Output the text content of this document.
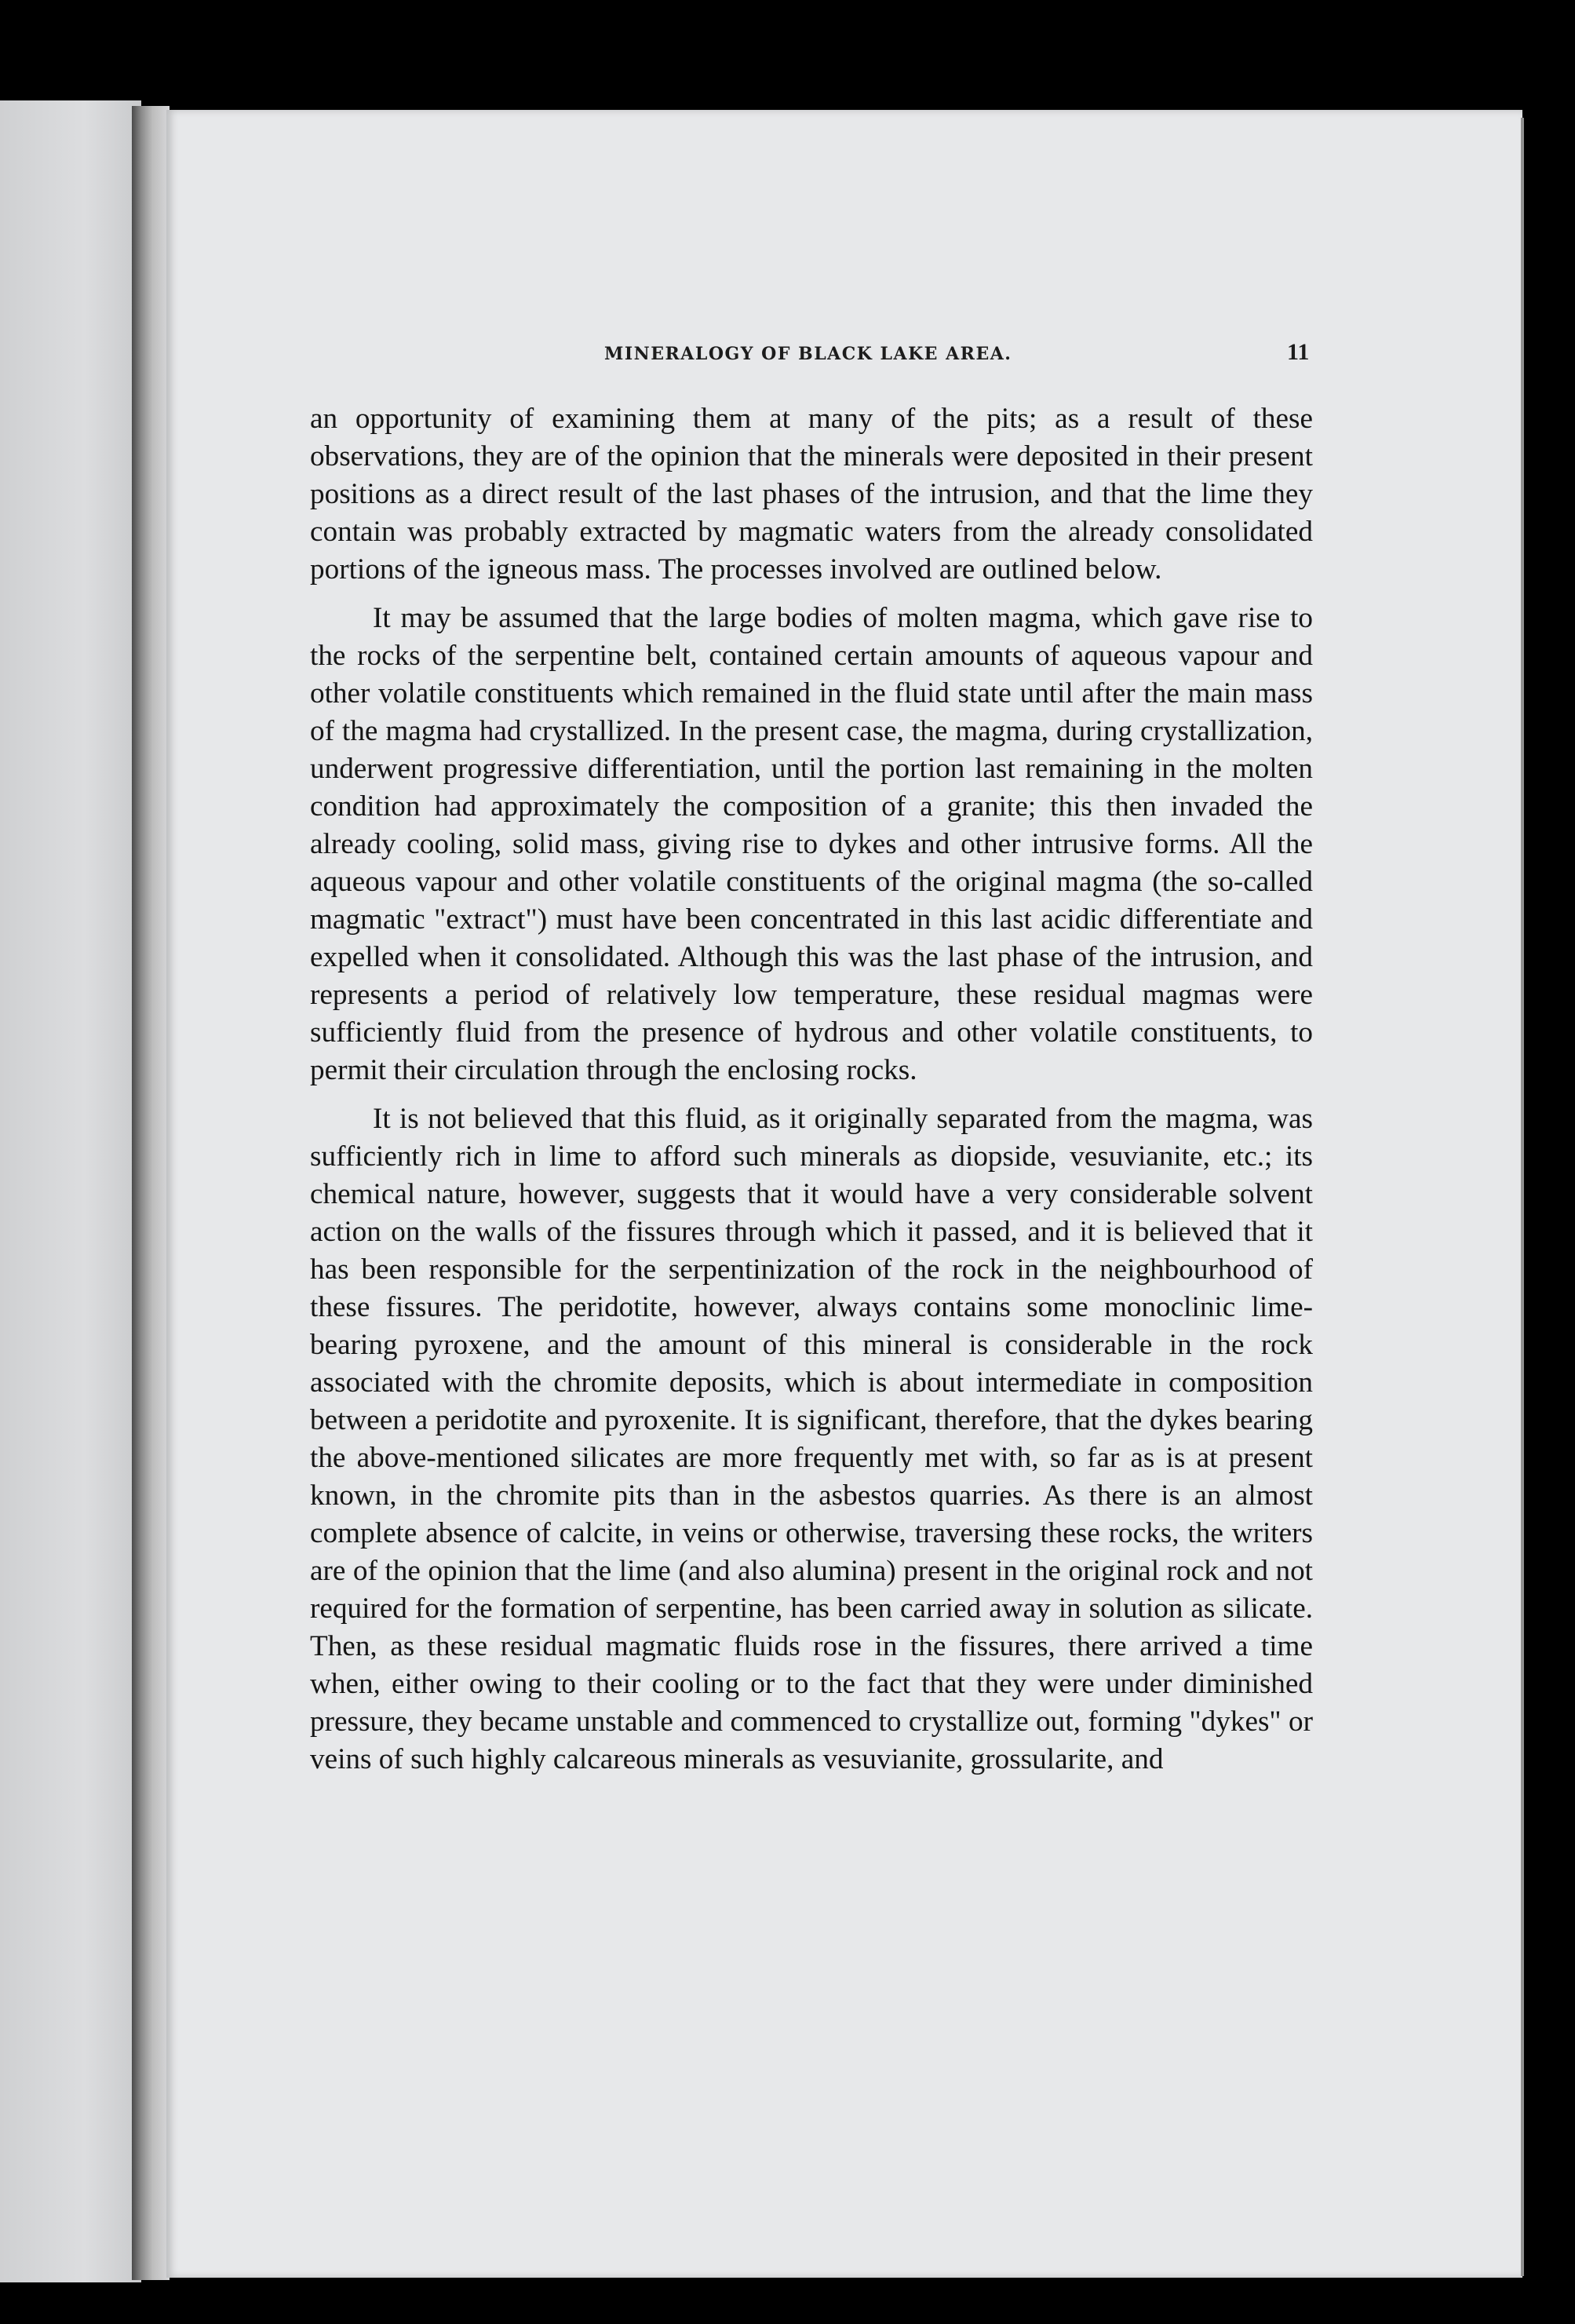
MINERALOGY OF BLACK LAKE AREA.	11

an opportunity of examining them at many of the pits; as a result of these observations, they are of the opinion that the minerals were deposited in their present positions as a direct result of the last phases of the intrusion, and that the lime they contain was probably extracted by magmatic waters from the already consolidated portions of the igneous mass. The processes involved are outlined below.

It may be assumed that the large bodies of molten magma, which gave rise to the rocks of the serpentine belt, contained certain amounts of aqueous vapour and other volatile constituents which remained in the fluid state until after the main mass of the magma had crystallized. In the present case, the magma, during crystallization, underwent progressive differentiation, until the portion last remaining in the molten condition had approximately the composition of a granite; this then invaded the already cooling, solid mass, giving rise to dykes and other intrusive forms. All the aqueous vapour and other volatile constituents of the original magma (the so-called magmatic "extract") must have been concentrated in this last acidic differentiate and expelled when it consolidated. Although this was the last phase of the intrusion, and represents a period of relatively low temperature, these residual magmas were sufficiently fluid from the presence of hydrous and other volatile constituents, to permit their circulation through the enclosing rocks.

It is not believed that this fluid, as it originally separated from the magma, was sufficiently rich in lime to afford such minerals as diopside, vesuvianite, etc.; its chemical nature, however, suggests that it would have a very considerable solvent action on the walls of the fissures through which it passed, and it is believed that it has been responsible for the serpentinization of the rock in the neighbourhood of these fissures. The peridotite, however, always contains some monoclinic lime-bearing pyroxene, and the amount of this mineral is considerable in the rock associated with the chromite deposits, which is about intermediate in composition between a peridotite and pyroxenite. It is significant, therefore, that the dykes bearing the above-mentioned silicates are more frequently met with, so far as is at present known, in the chromite pits than in the asbestos quarries. As there is an almost complete absence of calcite, in veins or otherwise, traversing these rocks, the writers are of the opinion that the lime (and also alumina) present in the original rock and not required for the formation of serpentine, has been carried away in solution as silicate. Then, as these residual magmatic fluids rose in the fissures, there arrived a time when, either owing to their cooling or to the fact that they were under diminished pressure, they became unstable and commenced to crystallize out, forming "dykes" or veins of such highly calcareous minerals as vesuvianite, grossularite, and
